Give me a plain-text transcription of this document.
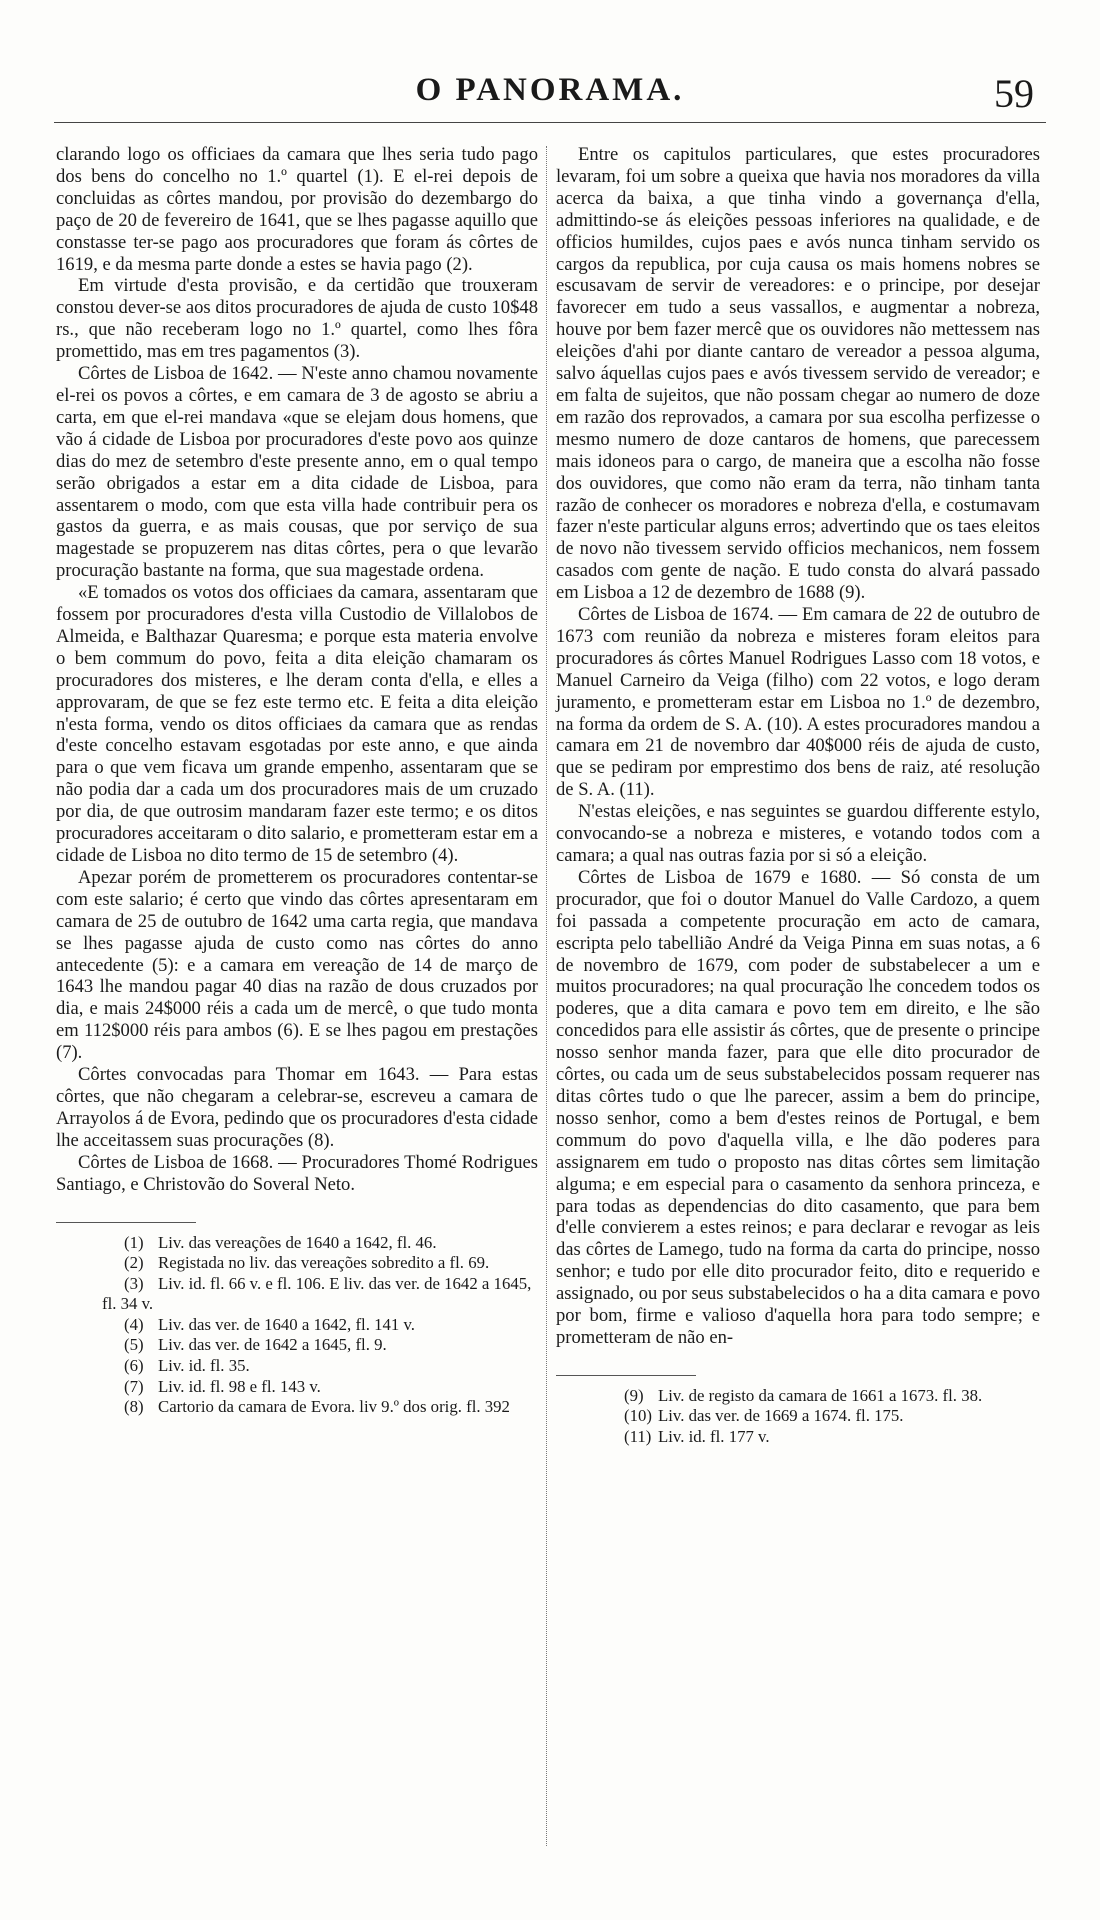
O PANORAMA.	59

clarando logo os officiaes da camara que lhes seria tudo pago dos bens do concelho no 1.º quartel (1). E el-rei depois de concluidas as côrtes mandou, por provisão do dezembargo do paço de 20 de fevereiro de 1641, que se lhes pagasse aquillo que constasse ter-se pago aos procuradores que foram ás côrtes de 1619, e da mesma parte donde a estes se havia pago (2).

Em virtude d'esta provisão, e da certidão que trouxeram constou dever-se aos ditos procuradores de ajuda de custo 10$48 rs., que não receberam logo no 1.º quartel, como lhes fôra promettido, mas em tres pagamentos (3).

Côrtes de Lisboa de 1642. — N'este anno chamou novamente el-rei os povos a côrtes, e em camara de 3 de agosto se abriu a carta, em que el-rei mandava «que se elejam dous homens, que vão á cidade de Lisboa por procuradores d'este povo aos quinze dias do mez de setembro d'este presente anno, em o qual tempo serão obrigados a estar em a dita cidade de Lisboa, para assentarem o modo, com que esta villa hade contribuir pera os gastos da guerra, e as mais cousas, que por serviço de sua magestade se propuzerem nas ditas côrtes, pera o que levarão procuração bastante na forma, que sua magestade ordena.

«E tomados os votos dos officiaes da camara, assentaram que fossem por procuradores d'esta villa Custodio de Villalobos de Almeida, e Balthazar Quaresma; e porque esta materia envolve o bem commum do povo, feita a dita eleição chamaram os procuradores dos misteres, e lhe deram conta d'ella, e elles a approvaram, de que se fez este termo etc. E feita a dita eleição n'esta forma, vendo os ditos officiaes da camara que as rendas d'este concelho estavam esgotadas por este anno, e que ainda para o que vem ficava um grande empenho, assentaram que se não podia dar a cada um dos procuradores mais de um cruzado por dia, de que outrosim mandaram fazer este termo; e os ditos procuradores acceitaram o dito salario, e prometteram estar em a cidade de Lisboa no dito termo de 15 de setembro (4).

Apezar porém de prometterem os procuradores contentar-se com este salario; é certo que vindo das côrtes apresentaram em camara de 25 de outubro de 1642 uma carta regia, que mandava se lhes pagasse ajuda de custo como nas côrtes do anno antecedente (5): e a camara em vereação de 14 de março de 1643 lhe mandou pagar 40 dias na razão de dous cruzados por dia, e mais 24$000 réis a cada um de mercê, o que tudo monta em 112$000 réis para ambos (6). E se lhes pagou em prestações (7).

Côrtes convocadas para Thomar em 1643. — Para estas côrtes, que não chegaram a celebrar-se, escreveu a camara de Arrayolos á de Evora, pedindo que os procuradores d'esta cidade lhe acceitassem suas procurações (8).

Côrtes de Lisboa de 1668. — Procuradores Thomé Rodrigues Santiago, e Christovão do Soveral Neto.

(1) Liv. das vereações de 1640 a 1642, fl. 46.

(2) Registada no liv. das vereações sobredito a fl. 69.

(3) Liv. id. fl. 66 v. e fl. 106. E liv. das ver. de 1642 a 1645, fl. 34 v.

(4) Liv. das ver. de 1640 a 1642, fl. 141 v.

(5) Liv. das ver. de 1642 a 1645, fl. 9.

(6) Liv. id. fl. 35.

(7) Liv. id. fl. 98 e fl. 143 v.

(8) Cartorio da camara de Evora. liv 9.º dos orig. fl. 392

Entre os capitulos particulares, que estes procuradores levaram, foi um sobre a queixa que havia nos moradores da villa acerca da baixa, a que tinha vindo a governança d'ella, admittindo-se ás eleições pessoas inferiores na qualidade, e de officios humildes, cujos paes e avós nunca tinham servido os cargos da republica, por cuja causa os mais homens nobres se escusavam de servir de vereadores: e o principe, por desejar favorecer em tudo a seus vassallos, e augmentar a nobreza, houve por bem fazer mercê que os ouvidores não mettessem nas eleições d'ahi por diante cantaro de vereador a pessoa alguma, salvo áquellas cujos paes e avós tivessem servido de vereador; e em falta de sujeitos, que não possam chegar ao numero de doze em razão dos reprovados, a camara por sua escolha perfizesse o mesmo numero de doze cantaros de homens, que parecessem mais idoneos para o cargo, de maneira que a escolha não fosse dos ouvidores, que como não eram da terra, não tinham tanta razão de conhecer os moradores e nobreza d'ella, e costumavam fazer n'este particular alguns erros; advertindo que os taes eleitos de novo não tivessem servido officios mechanicos, nem fossem casados com gente de nação. E tudo consta do alvará passado em Lisboa a 12 de dezembro de 1688 (9).

Côrtes de Lisboa de 1674. — Em camara de 22 de outubro de 1673 com reunião da nobreza e misteres foram eleitos para procuradores ás côrtes Manuel Rodrigues Lasso com 18 votos, e Manuel Carneiro da Veiga (filho) com 22 votos, e logo deram juramento, e prometteram estar em Lisboa no 1.º de dezembro, na forma da ordem de S. A. (10). A estes procuradores mandou a camara em 21 de novembro dar 40$000 réis de ajuda de custo, que se pediram por emprestimo dos bens de raiz, até resolução de S. A. (11).

N'estas eleições, e nas seguintes se guardou differente estylo, convocando-se a nobreza e misteres, e votando todos com a camara; a qual nas outras fazia por si só a eleição.

Côrtes de Lisboa de 1679 e 1680. — Só consta de um procurador, que foi o doutor Manuel do Valle Cardozo, a quem foi passada a competente procuração em acto de camara, escripta pelo tabellião André da Veiga Pinna em suas notas, a 6 de novembro de 1679, com poder de substabelecer a um e muitos procuradores; na qual procuração lhe concedem todos os poderes, que a dita camara e povo tem em direito, e lhe são concedidos para elle assistir ás côrtes, que de presente o principe nosso senhor manda fazer, para que elle dito procurador de côrtes, ou cada um de seus substabelecidos possam requerer nas ditas côrtes tudo o que lhe parecer, assim a bem do principe, nosso senhor, como a bem d'estes reinos de Portugal, e bem commum do povo d'aquella villa, e lhe dão poderes para assignarem em tudo o proposto nas ditas côrtes sem limitação alguma; e em especial para o casamento da senhora princeza, e para todas as dependencias do dito casamento, que para bem d'elle convierem a estes reinos; e para declarar e revogar as leis das côrtes de Lamego, tudo na forma da carta do principe, nosso senhor; e tudo por elle dito procurador feito, dito e requerido e assignado, ou por seus substabelecidos o ha a dita camara e povo por bom, firme e valioso d'aquella hora para todo sempre; e prometteram de não en-

(9) Liv. de registo da camara de 1661 a 1673. fl. 38.

(10) Liv. das ver. de 1669 a 1674. fl. 175.

(11) Liv. id. fl. 177 v.
